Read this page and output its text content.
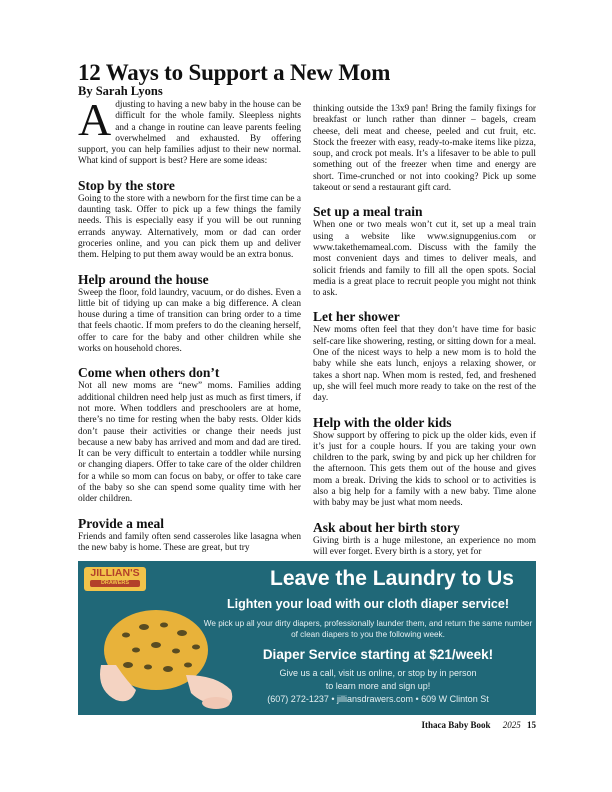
12 Ways to Support a New Mom
By Sarah Lyons

Adjusting to having a new baby in the house can be difficult for the whole family. Sleepless nights and a change in routine can leave parents feeling overwhelmed and exhausted. By offering support, you can help families adjust to their new normal. What kind of support is best? Here are some ideas:

Stop by the store

Going to the store with a newborn for the first time can be a daunting task. Offer to pick up a few things the family needs. This is especially easy if you will be out running errands anyway. Alternatively, mom or dad can order groceries online, and you can pick them up and deliver them. Helping to put them away would be an extra bonus.

Help around the house

Sweep the floor, fold laundry, vacuum, or do dishes. Even a little bit of tidying up can make a big difference. A clean house during a time of transition can bring order to a time that feels chaotic. If mom prefers to do the cleaning herself, offer to care for the baby and other children while she works on household chores.

Come when others don’t

Not all new moms are “new” moms. Families adding additional children need help just as much as first timers, if not more. When toddlers and preschoolers are at home, there’s no time for resting when the baby rests. Older kids don’t pause their activities or change their needs just because a new baby has arrived and mom and dad are tired. It can be very difficult to entertain a toddler while nursing or changing diapers. Offer to take care of the older children for a while so mom can focus on baby, or offer to take care of the baby so she can spend some quality time with her older children.

Provide a meal

Friends and family often send casseroles like lasagna when the new baby is home. These are great, but try

thinking outside the 13x9 pan! Bring the family fixings for breakfast or lunch rather than dinner – bagels, cream cheese, deli meat and cheese, peeled and cut fruit, etc. Stock the freezer with easy, ready-to-make items like pizza, soup, and crock pot meals. It’s a lifesaver to be able to pull something out of the freezer when time and energy are short. Time-crunched or not into cooking? Pick up some takeout or send a restaurant gift card.

Set up a meal train

When one or two meals won’t cut it, set up a meal train using a website like www.signupgenius.com or www.takethemameal.com. Discuss with the family the most convenient days and times to deliver meals, and solicit friends and family to fill all the open spots. Social media is a great place to recruit people you might not think to ask.

Let her shower

New moms often feel that they don’t have time for basic self-care like showering, resting, or sitting down for a meal. One of the nicest ways to help a new mom is to hold the baby while she eats lunch, enjoys a relaxing shower, or takes a short nap. When mom is rested, fed, and freshened up, she will feel much more ready to take on the rest of the day.

Help with the older kids

Show support by offering to pick up the older kids, even if it’s just for a couple hours. If you are taking your own children to the park, swing by and pick up her children for the afternoon. This gets them out of the house and gives mom a break. Driving the kids to school or to activities is also a big help for a family with a new baby. Time alone with baby may be just what mom needs.

Ask about her birth story

Giving birth is a huge milestone, an experience no mom will ever forget. Every birth is a story, yet for

JILLIAN'S
DRAWERS	Leave the Laundry to Us
Lighten your load with our cloth diaper service!
We pick up all your dirty diapers, professionally launder them, and return the same number of clean diapers to you the following week.
Diaper Service starting at $21/week!
Give us a call, visit us online, or stop by in person
to learn more and sign up!
(607) 272-1237 • jilliansdrawers.com • 609 W Clinton St
Ithaca Baby Book 2025 15
